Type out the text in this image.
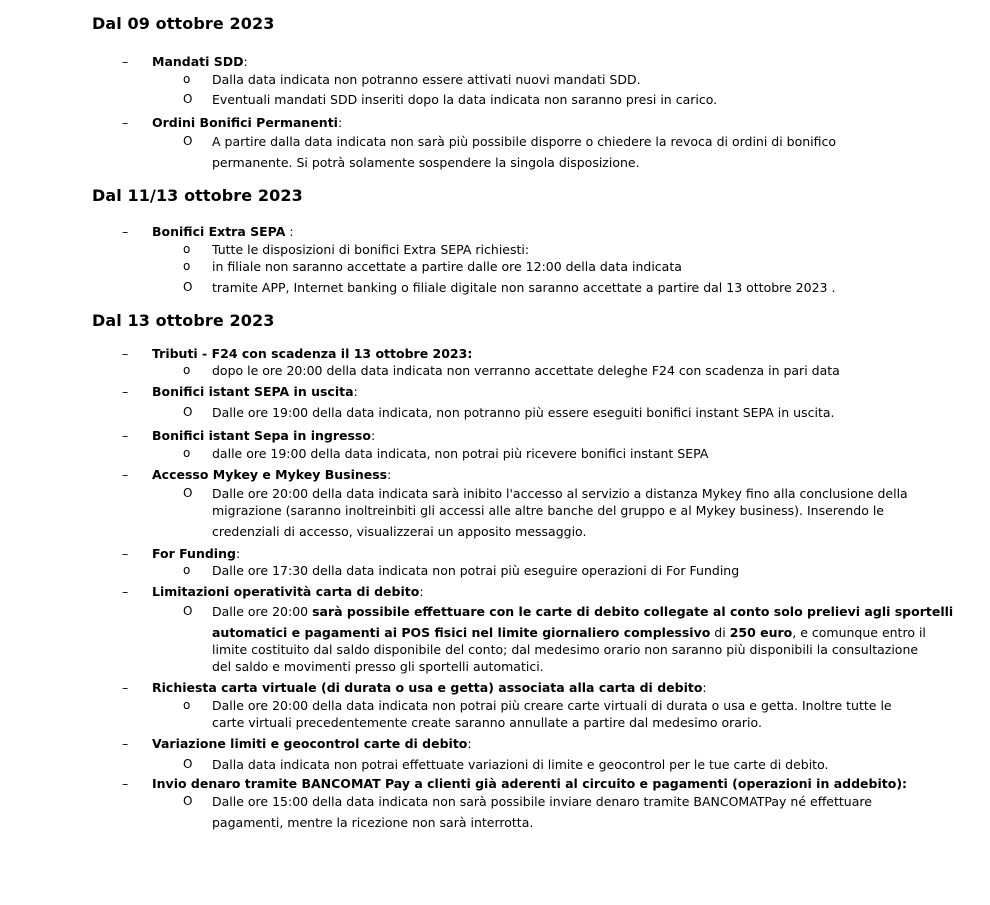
Dal 09 ottobre 2023
– Mandati SDD:
o Dalla data indicata non potranno essere attivati nuovi mandati SDD.
O Eventuali mandati SDD inseriti dopo la data indicata non saranno presi in carico.
– Ordini Bonifici Permanenti:
O A partire dalla data indicata non sarà più possibile disporre o chiedere la revoca di ordini di bonifico
permanente. Si potrà solamente sospendere la singola disposizione.
Dal 11/13 ottobre 2023
– Bonifici Extra SEPA :
o Tutte le disposizioni di bonifici Extra SEPA richiesti:
o in filiale non saranno accettate a partire dalle ore 12:00 della data indicata
O tramite APP, Internet banking o filiale digitale non saranno accettate a partire dal 13 ottobre 2023 .
Dal 13 ottobre 2023
– Tributi - F24 con scadenza il 13 ottobre 2023:
o dopo le ore 20:00 della data indicata non verranno accettate deleghe F24 con scadenza in pari data
– Bonifici istant SEPA in uscita:
O Dalle ore 19:00 della data indicata, non potranno più essere eseguiti bonifici instant SEPA in uscita.
– Bonifici istant Sepa in ingresso:
o dalle ore 19:00 della data indicata, non potrai più ricevere bonifici instant SEPA
– Accesso Mykey e Mykey Business:
O Dalle ore 20:00 della data indicata sarà inibito l'accesso al servizio a distanza Mykey fino alla conclusione della
migrazione (saranno inoltreinbiti gli accessi alle altre banche del gruppo e al Mykey business). Inserendo le
credenziali di accesso, visualizzerai un apposito messaggio.
– For Funding:
o Dalle ore 17:30 della data indicata non potrai più eseguire operazioni di For Funding
– Limitazioni operatività carta di debito:
O Dalle ore 20:00 sarà possibile effettuare con le carte di debito collegate al conto solo prelievi agli sportelli
automatici e pagamenti ai POS fisici nel limite giornaliero complessivo di 250 euro, e comunque entro il
limite costituito dal saldo disponibile del conto; dal medesimo orario non saranno più disponibili la consultazione
del saldo e movimenti presso gli sportelli automatici.
– Richiesta carta virtuale (di durata o usa e getta) associata alla carta di debito:
o Dalle ore 20:00 della data indicata non potrai più creare carte virtuali di durata o usa e getta. Inoltre tutte le
carte virtuali precedentemente create saranno annullate a partire dal medesimo orario.
– Variazione limiti e geocontrol carte di debito:
O Dalla data indicata non potrai effettuate variazioni di limite e geocontrol per le tue carte di debito.
– Invio denaro tramite BANCOMAT Pay a clienti già aderenti al circuito e pagamenti (operazioni in addebito):
O Dalle ore 15:00 della data indicata non sarà possibile inviare denaro tramite BANCOMATPay né effettuare
pagamenti, mentre la ricezione non sarà interrotta.
